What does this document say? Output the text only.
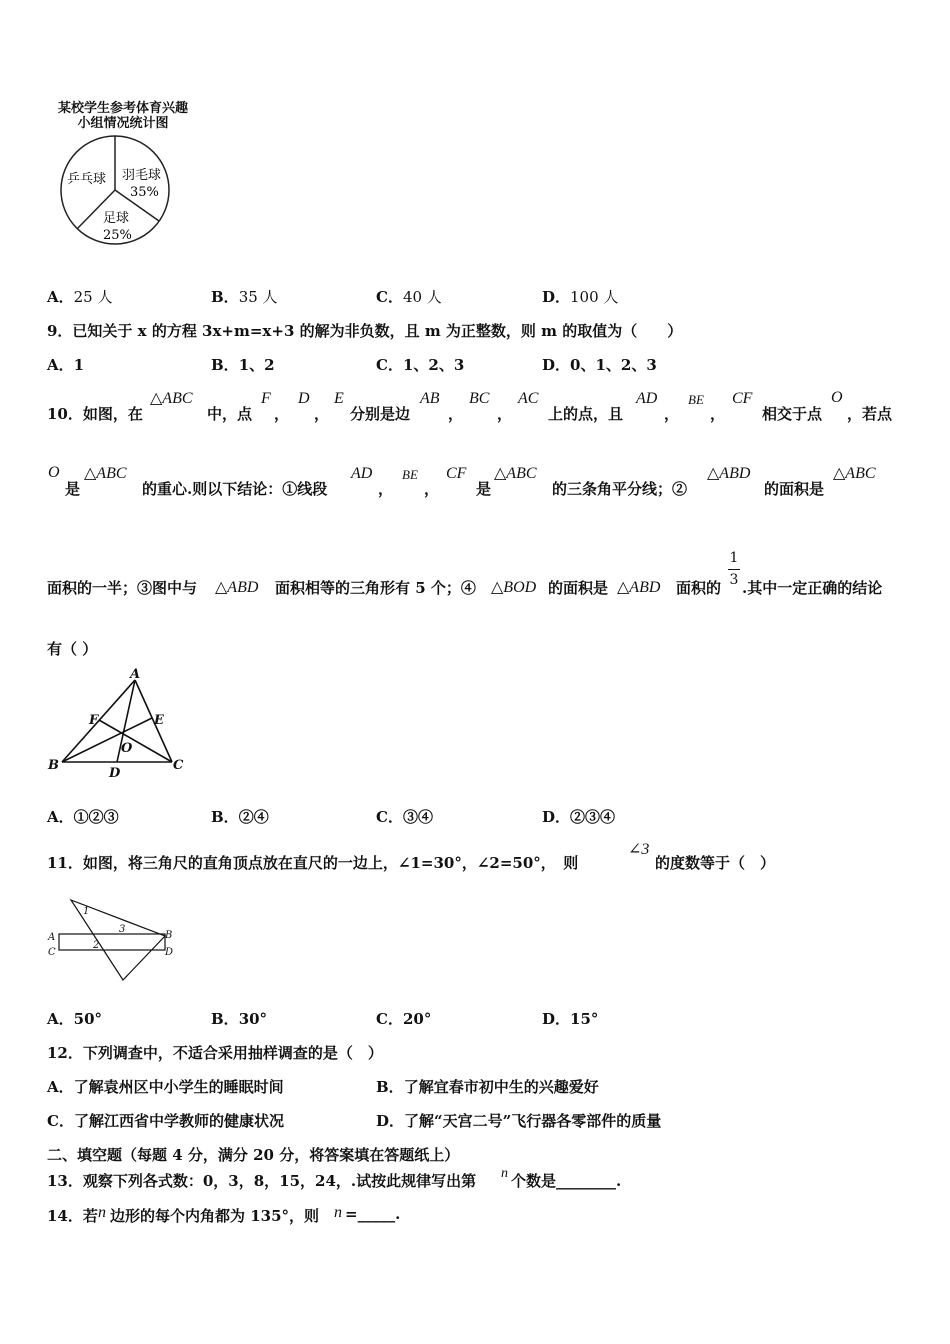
某校学生参考体育兴趣
小组情况统计图
乒乓球 羽毛球
35%
足球
25%
A．25 人	B．35 人	C．40 人	D．100 人
9．已知关于 x 的方程 3x+m=x+3 的解为非负数，且 m 为正整数，则 m 的取值为（　　）
A．1	B．1、2	C．1、2、3	D．0、1、2、3
10．如图，在
△ABC
中，点
F
，
D
，
E
分别是边
AB
，
BC
，
AC
上的点，且
AD
，
BE
，
CF
相交于点
O
，若点
O
是
△ABC
的重心.则以下结论：①线段
AD
，
BE
，
CF
是
△ABC
的三条角平分线；②
△ABD
的面积是
△ABC
面积的一半；③图中与 △ABD 面积相等的三角形有 5 个；④ △BOD 的面积是 △ABD 面积的
1
3 .其中一定正确的结论
有（ ）
A
B	C
D
E
F
O
A．①②③	B．②④	C．③④	D．②③④
11．如图，将三角尺的直角顶点放在直尺的一边上，∠1=30°，∠2=50°，　则
∠3
的度数等于（　）
A
C
B
D
1
2
3
A．50°	B．30°	C．20°	D．15°
12．下列调查中，不适合采用抽样调查的是（　）
A．了解袁州区中小学生的睡眠时间	B．了解宜春市初中生的兴趣爱好
C．了解江西省中学教师的健康状况	D．了解“天宫二号”飞行器各零部件的质量
二、填空题（每题 4 分，满分 20 分，将答案填在答题纸上）
13．观察下列各式数：0，3，8，15，24，.试按此规律写出第 n 个数是________.
14．若 n 边形的每个内角都为 135°，则 n =_____.
